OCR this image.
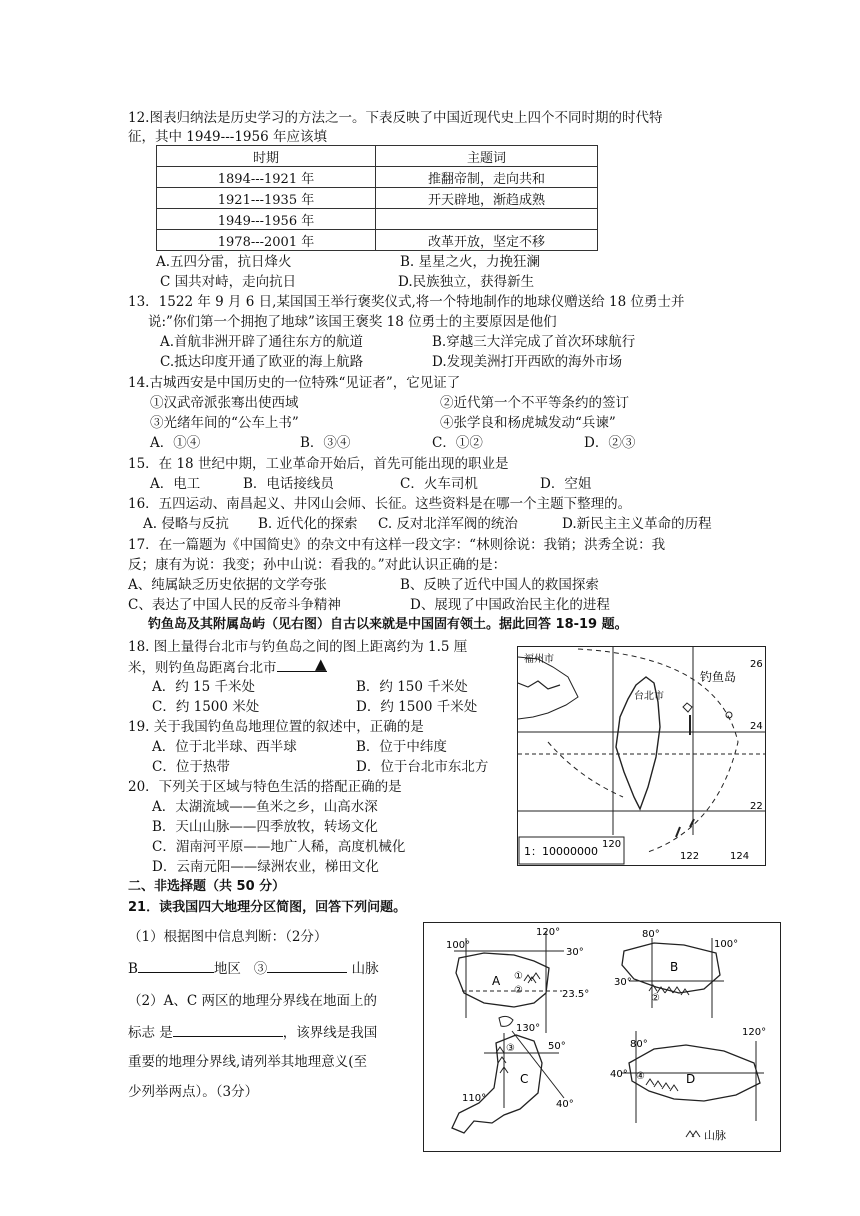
12.图表归纳法是历史学习的方法之一。下表反映了中国近现代史上四个不同时期的时代特
征，其中 1949---1956 年应该填
时期	主题词
1894---1921 年	推翻帝制，走向共和
1921---1935 年	开天辟地，渐趋成熟
1949---1956 年	
1978---2001 年	改革开放，坚定不移
A.五四分雷，抗日烽火	B. 星星之火，力挽狂澜
C 国共对峙，走向抗日	D.民族独立，获得新生
13．1522 年 9 月 6 日,某国国王举行褒奖仪式,将一个特地制作的地球仪赠送给 18 位勇士并
说:”你们第一个拥抱了地球”该国王褒奖 18 位勇士的主要原因是他们
A.首航非洲开辟了通往东方的航道	B.穿越三大洋完成了首次环球航行
C.抵达印度开通了欧亚的海上航路	D.发现美洲打开西欧的海外市场
14.古城西安是中国历史的一位特殊“见证者”，它见证了
①汉武帝派张骞出使西域	②近代第一个不平等条约的签订
③光绪年间的“公车上书”	④张学良和杨虎城发动“兵谏”
A．①④	B．③④	C．①②	D．②③
15．在 18 世纪中期，工业革命开始后，首先可能出现的职业是
A．电工	B．电话接线员	C．火车司机	D．空姐
16．五四运动、南昌起义、井冈山会师、长征。这些资料是在哪一个主题下整理的。
A. 侵略与反抗 B. 近代化的探索 C. 反对北洋军阀的统治	D.新民主主义革命的历程
17．在一篇题为《中国简史》的杂文中有这样一段文字：“林则徐说：我销；洪秀全说：我
反；康有为说：我变；孙中山说：看我的。”对此认识正确的是：
A、纯属缺乏历史依据的文学夸张	B、反映了近代中国人的救国探索
C、表达了中国人民的反帝斗争精神	D、展现了中国政治民主化的进程
钓鱼岛及其附属岛屿（见右图）自古以来就是中国固有领土。据此回答 18-19 题。
18. 图上量得台北市与钓鱼岛之间的图上距离约为 1.5 厘
米，则钓鱼岛距离台北市	▲
A．约 15 千米处	B．约 150 千米处
C．约 1500 米处	D．约 1500 千米处
19. 关于我国钓鱼岛地理位置的叙述中，正确的是
A．位于北半球、西半球	B．位于中纬度
C．位于热带	D．位于台北市东北方
20．下列关于区域与特色生活的搭配正确的是
A．太湖流域——鱼米之乡，山高水深
B．天山山脉——四季放牧，转场文化
C．湄南河平原——地广人稀，高度机械化
D．云南元阳——绿洲农业，梯田文化
福州市
台北市
钓鱼岛
26
24
22
120
122	124
1：10000000
二、非选择题（共 50 分）
21．读我国四大地理分区简图，回答下列问题。
（1）根据图中信息判断：（2分）
B	地区 ③	山脉
（2）A、C 两区的地理分界线在地面上的
标志 是	，该界线是我国
重要的地理分界线,请列举其地理意义(至
少列举两点）。（3分）
A ①
②
120°
100°
30°
23.5°
B
②
80°
100°
30°
C
③
130°
50°
110°
40°
D
④
80°
120°
40°
山脉
